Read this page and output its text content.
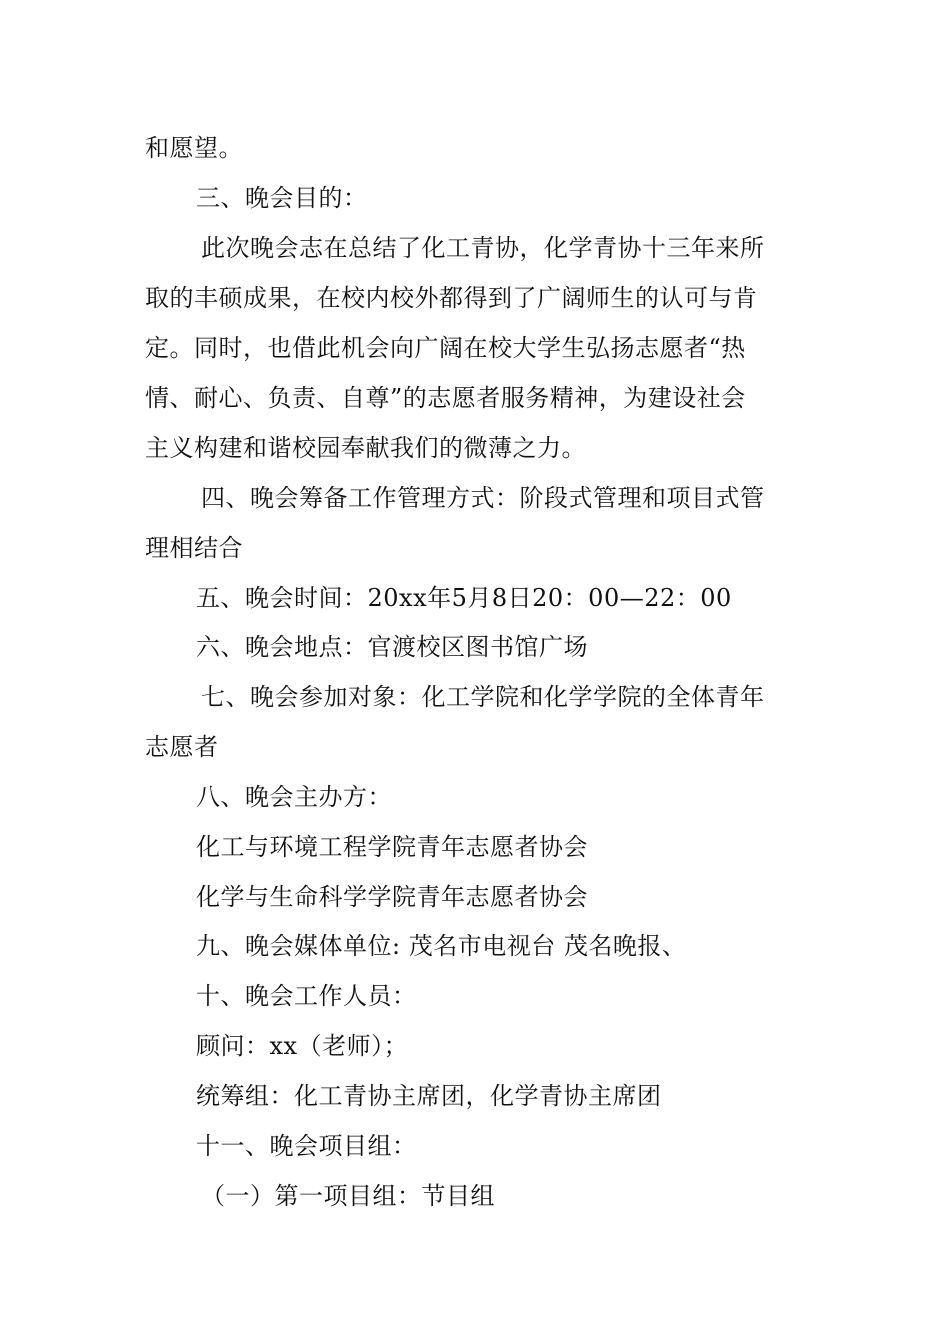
和愿望。
三、晚会目的：
此次晚会志在总结了化工青协，化学青协十三年来所
取的丰硕成果，在校内校外都得到了广阔师生的认可与肯
定。同时，也借此机会向广阔在校大学生弘扬志愿者“热
情、耐心、负责、自尊”的志愿者服务精神，为建设社会
主义构建和谐校园奉献我们的微薄之力。
四、晚会筹备工作管理方式：阶段式管理和项目式管
理相结合
五、晚会时间：20xx年5月8日20：00—22：00
六、晚会地点：官渡校区图书馆广场
七、晚会参加对象：化工学院和化学学院的全体青年
志愿者
八、晚会主办方：
化工与环境工程学院青年志愿者协会
化学与生命科学学院青年志愿者协会
九、晚会媒体单位: 茂名市电视台 茂名晚报、
十、晚会工作人员：
顾问：xx（老师）；
统筹组：化工青协主席团，化学青协主席团
十一、晚会项目组：
（一）第一项目组：节目组
